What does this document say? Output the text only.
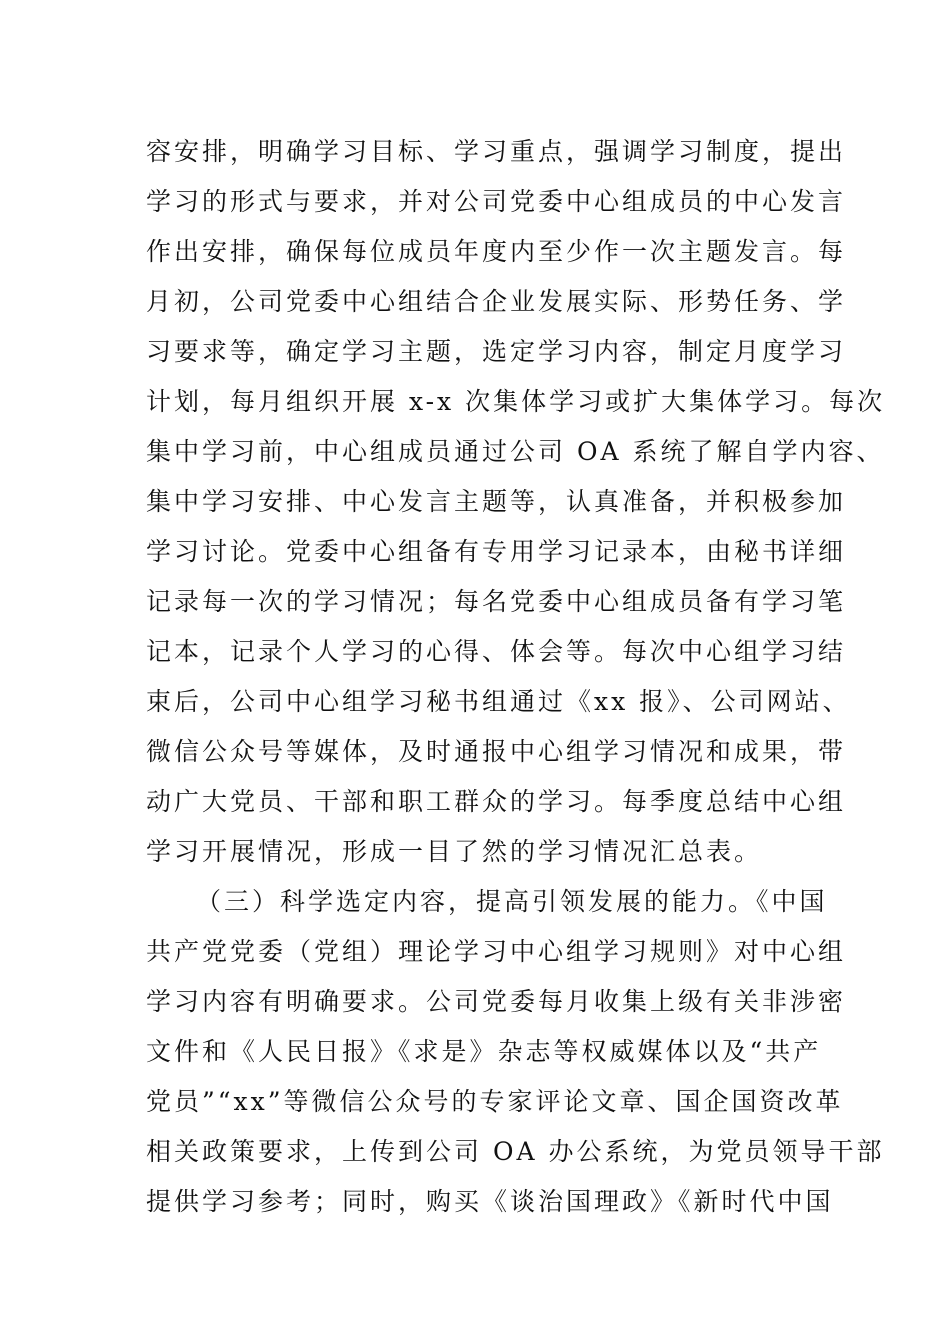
容安排，明确学习目标、学习重点，强调学习制度，提出
学习的形式与要求，并对公司党委中心组成员的中心发言
作出安排，确保每位成员年度内至少作一次主题发言。每
月初，公司党委中心组结合企业发展实际、形势任务、学
习要求等，确定学习主题，选定学习内容，制定月度学习
计划，每月组织开展 x-x 次集体学习或扩大集体学习。每次
集中学习前，中心组成员通过公司 OA 系统了解自学内容、
集中学习安排、中心发言主题等，认真准备，并积极参加
学习讨论。党委中心组备有专用学习记录本，由秘书详细
记录每一次的学习情况；每名党委中心组成员备有学习笔
记本，记录个人学习的心得、体会等。每次中心组学习结
束后，公司中心组学习秘书组通过《xx 报》、公司网站、
微信公众号等媒体，及时通报中心组学习情况和成果，带
动广大党员、干部和职工群众的学习。每季度总结中心组
学习开展情况，形成一目了然的学习情况汇总表。
（三）科学选定内容，提高引领发展的能力。《中国
共产党党委（党组）理论学习中心组学习规则》对中心组
学习内容有明确要求。公司党委每月收集上级有关非涉密
文件和《人民日报》《求是》杂志等权威媒体以及“共产
党员”“xx”等微信公众号的专家评论文章、国企国资改革
相关政策要求，上传到公司 OA 办公系统，为党员领导干部
提供学习参考；同时，购买《谈治国理政》《新时代中国
